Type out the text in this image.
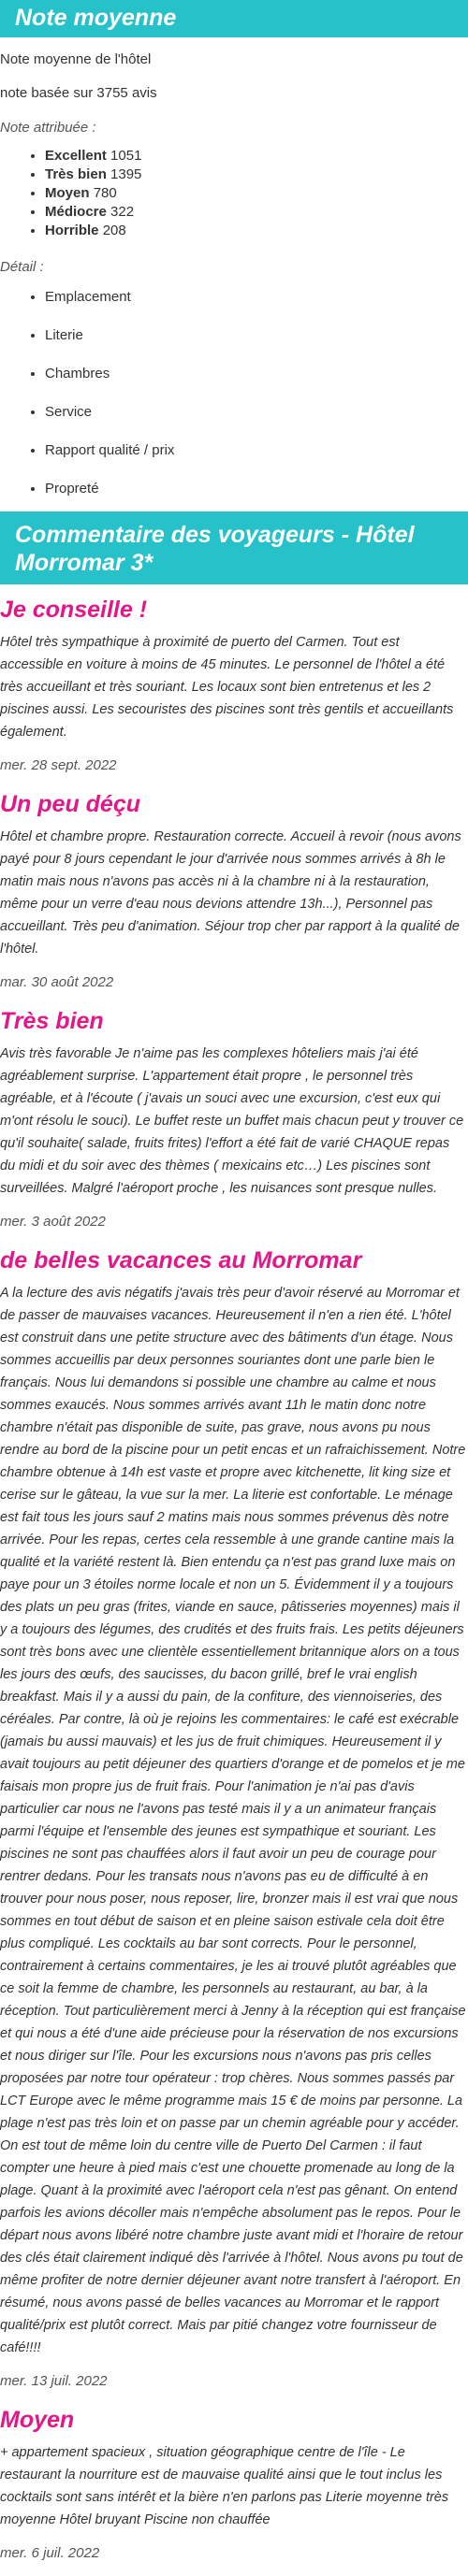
Note moyenne
Note moyenne de l'hôtel
note basée sur 3755 avis
Note attribuée :
• Excellent 1051
• Très bien 1395
• Moyen 780
• Médiocre 322
• Horrible 208
Détail :
• Emplacement
• Literie
• Chambres
• Service
• Rapport qualité / prix
• Propreté
Commentaire des voyageurs - Hôtel Morromar 3*
Je conseille !

Hôtel très sympathique à proximité de puerto del Carmen. Tout est accessible en voiture à moins de 45 minutes. Le personnel de l'hôtel a été très accueillant et très souriant. Les locaux sont bien entretenus et les 2 piscines aussi. Les secouristes des piscines sont très gentils et accueillants également.

mer. 28 sept. 2022
Un peu déçu

Hôtel et chambre propre. Restauration correcte. Accueil à revoir (nous avons payé pour 8 jours cependant le jour d'arrivée nous sommes arrivés à 8h le matin mais nous n'avons pas accès ni à la chambre ni à la restauration, même pour un verre d'eau nous devions attendre 13h...), Personnel pas accueillant. Très peu d'animation. Séjour trop cher par rapport à la qualité de l'hôtel.

mar. 30 août 2022
Très bien

Avis très favorable Je n'aime pas les complexes hôteliers mais j'ai été agréablement surprise. L'appartement était propre , le personnel très agréable, et à l'écoute ( j'avais un souci avec une excursion, c'est eux qui m'ont résolu le souci). Le buffet reste un buffet mais chacun peut y trouver ce qu'il souhaite( salade, fruits frites) l'effort a été fait de varié CHAQUE repas du midi et du soir avec des thèmes ( mexicains etc…) Les piscines sont surveillées. Malgré l'aéroport proche , les nuisances sont presque nulles.

mer. 3 août 2022
de belles vacances au Morromar

A la lecture des avis négatifs j'avais très peur d'avoir réservé au Morromar et de passer de mauvaises vacances. Heureusement il n'en a rien été. L'hôtel est construit dans une petite structure avec des bâtiments d'un étage. Nous sommes accueillis par deux personnes souriantes dont une parle bien le français. Nous lui demandons si possible une chambre au calme et nous sommes exaucés. Nous sommes arrivés avant 11h le matin donc notre chambre n'était pas disponible de suite, pas grave, nous avons pu nous rendre au bord de la piscine pour un petit encas et un rafraichissement. Notre chambre obtenue à 14h est vaste et propre avec kitchenette, lit king size et cerise sur le gâteau, la vue sur la mer. La literie est confortable. Le ménage est fait tous les jours sauf 2 matins mais nous sommes prévenus dès notre arrivée. Pour les repas, certes cela ressemble à une grande cantine mais la qualité et la variété restent là. Bien entendu ça n'est pas grand luxe mais on paye pour un 3 étoiles norme locale et non un 5. Évidemment il y a toujours des plats un peu gras (frites, viande en sauce, pâtisseries moyennes) mais il y a toujours des légumes, des crudités et des fruits frais. Les petits déjeuners sont très bons avec une clientèle essentiellement britannique alors on a tous les jours des œufs, des saucisses, du bacon grillé, bref le vrai english breakfast. Mais il y a aussi du pain, de la confiture, des viennoiseries, des céréales. Par contre, là où je rejoins les commentaires: le café est exécrable (jamais bu aussi mauvais) et les jus de fruit chimiques. Heureusement il y avait toujours au petit déjeuner des quartiers d'orange et de pomelos et je me faisais mon propre jus de fruit frais. Pour l'animation je n'ai pas d'avis particulier car nous ne l'avons pas testé mais il y a un animateur français parmi l'équipe et l'ensemble des jeunes est sympathique et souriant. Les piscines ne sont pas chauffées alors il faut avoir un peu de courage pour rentrer dedans. Pour les transats nous n'avons pas eu de difficulté à en trouver pour nous poser, nous reposer, lire, bronzer mais il est vrai que nous sommes en tout début de saison et en pleine saison estivale cela doit être plus compliqué. Les cocktails au bar sont corrects. Pour le personnel, contrairement à certains commentaires, je les ai trouvé plutôt agréables que ce soit la femme de chambre, les personnels au restaurant, au bar, à la réception. Tout particulièrement merci à Jenny à la réception qui est française et qui nous a été d'une aide précieuse pour la réservation de nos excursions et nous diriger sur l'île. Pour les excursions nous n'avons pas pris celles proposées par notre tour opérateur : trop chères. Nous sommes passés par LCT Europe avec le même programme mais 15 € de moins par personne. La plage n'est pas très loin et on passe par un chemin agréable pour y accéder. On est tout de même loin du centre ville de Puerto Del Carmen : il faut compter une heure à pied mais c'est une chouette promenade au long de la plage. Quant à la proximité avec l'aéroport cela n'est pas gênant. On entend parfois les avions décoller mais n'empêche absolument pas le repos. Pour le départ nous avons libéré notre chambre juste avant midi et l'horaire de retour des clés était clairement indiqué dès l'arrivée à l'hôtel. Nous avons pu tout de même profiter de notre dernier déjeuner avant notre transfert à l'aéroport. En résumé, nous avons passé de belles vacances au Morromar et le rapport qualité/prix est plutôt correct. Mais par pitié changez votre fournisseur de café!!!!

mer. 13 juil. 2022
Moyen

+ appartement spacieux , situation géographique centre de l'île - Le restaurant la nourriture est de mauvaise qualité ainsi que le tout inclus les cocktails sont sans intérêt et la bière n'en parlons pas Literie moyenne très moyenne Hôtel bruyant Piscine non chauffée

mer. 6 juil. 2022
